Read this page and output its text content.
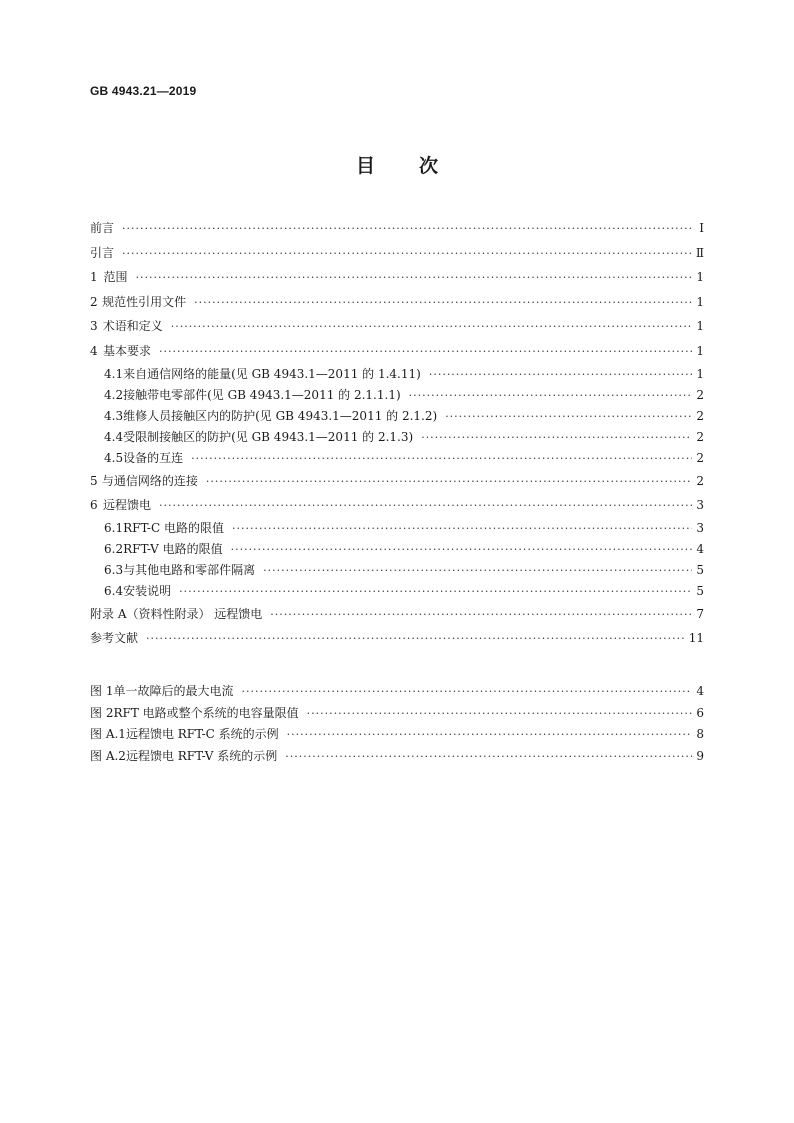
GB 4943.21—2019
目 次
前言 ·····	Ⅰ
引言 ·····	Ⅱ
1 范围 ·····	1
2 规范性引用文件 ·····	1
3 术语和定义 ·····	1
4 基本要求 ·····	1
4.1 来自通信网络的能量(见 GB 4943.1—2011 的 1.4.11) ·····	1
4.2 接触带电零部件(见 GB 4943.1—2011 的 2.1.1.1) ·····	2
4.3 维修人员接触区内的防护(见 GB 4943.1—2011 的 2.1.2) ·····	2
4.4 受限制接触区的防护(见 GB 4943.1—2011 的 2.1.3) ·····	2
4.5 设备的互连 ·····	2
5 与通信网络的连接 ·····	2
6 远程馈电 ·····	3
6.1 RFT-C 电路的限值 ·····	3
6.2 RFT-V 电路的限值 ·····	4
6.3 与其他电路和零部件隔离 ·····	5
6.4 安装说明 ·····	5
附录 A（资料性附录） 远程馈电 ·····	7
参考文献 ·····	11
图 1 单一故障后的最大电流 ·····	4
图 2 RFT 电路或整个系统的电容量限值 ·····	6
图 A.1 远程馈电 RFT-C 系统的示例 ·····	8
图 A.2 远程馈电 RFT-V 系统的示例 ·····	9
